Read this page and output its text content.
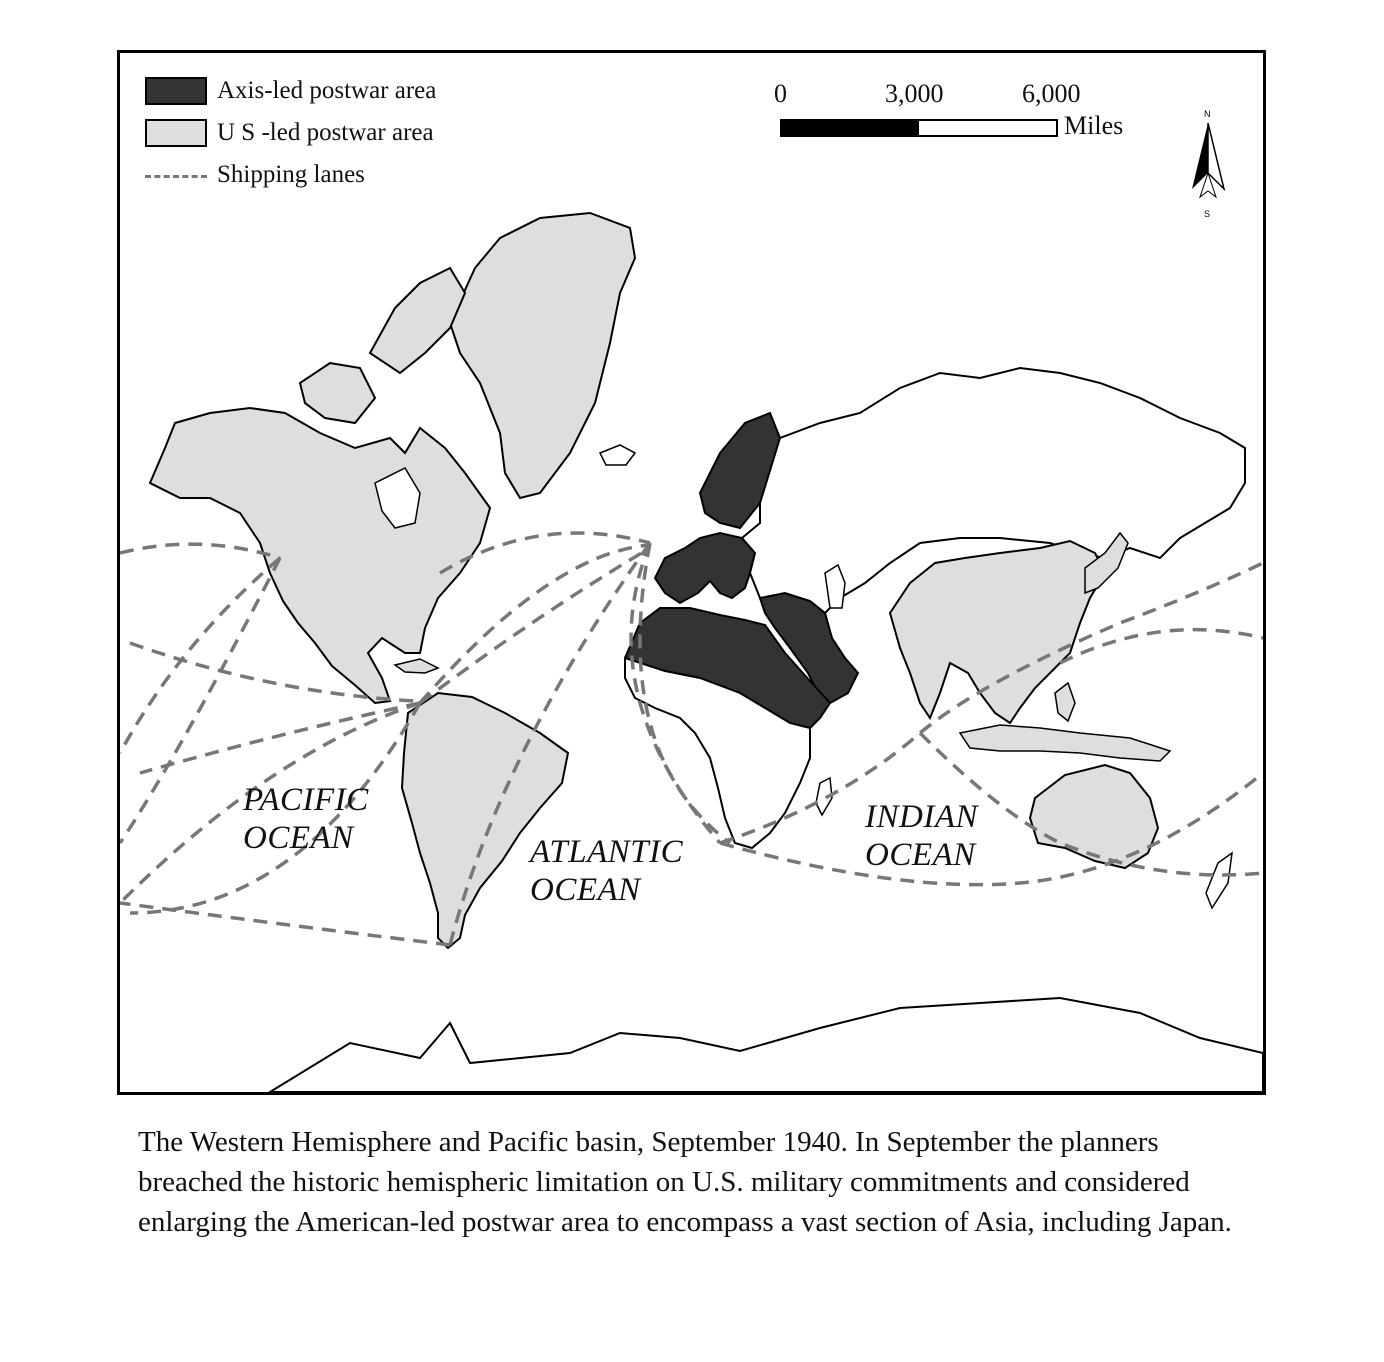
Axis-led postwar area
U S -led postwar area
Shipping lanes
0	3,000	6,000
Miles	N
S
PACIFIC
OCEAN	ATLANTIC
OCEAN
INDIAN
OCEAN
The Western Hemisphere and Pacific basin, September 1940. In September the planners breached the historic hemispheric limitation on U.S. military commitments and considered enlarging the American-led postwar area to encompass a vast section of Asia, including Japan.
